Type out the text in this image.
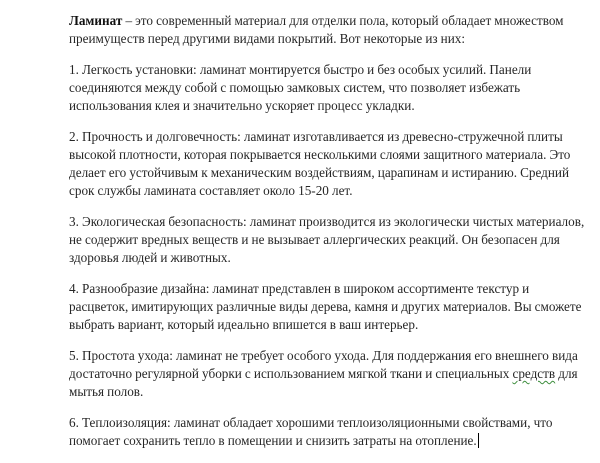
Ламинат – это современный материал для отделки пола, который обладает множеством преимуществ перед другими видами покрытий. Вот некоторые из них:

1. Легкость установки: ламинат монтируется быстро и без особых усилий. Панели соединяются между собой с помощью замковых систем, что позволяет избежать использования клея и значительно ускоряет процесс укладки.

2. Прочность и долговечность: ламинат изготавливается из древесно-стружечной плиты высокой плотности, которая покрывается несколькими слоями защитного материала. Это делает его устойчивым к механическим воздействиям, царапинам и истиранию. Средний срок службы ламината составляет около 15-20 лет.

3. Экологическая безопасность: ламинат производится из экологически чистых материалов, не содержит вредных веществ и не вызывает аллергических реакций. Он безопасен для здоровья людей и животных.

4. Разнообразие дизайна: ламинат представлен в широком ассортименте текстур и расцветок, имитирующих различные виды дерева, камня и других материалов. Вы сможете выбрать вариант, который идеально впишется в ваш интерьер.

5. Простота ухода: ламинат не требует особого ухода. Для поддержания его внешнего вида достаточно регулярной уборки с использованием мягкой ткани и специальных средств для мытья полов.

6. Теплоизоляция: ламинат обладает хорошими теплоизоляционными свойствами, что помогает сохранить тепло в помещении и снизить затраты на отопление.
